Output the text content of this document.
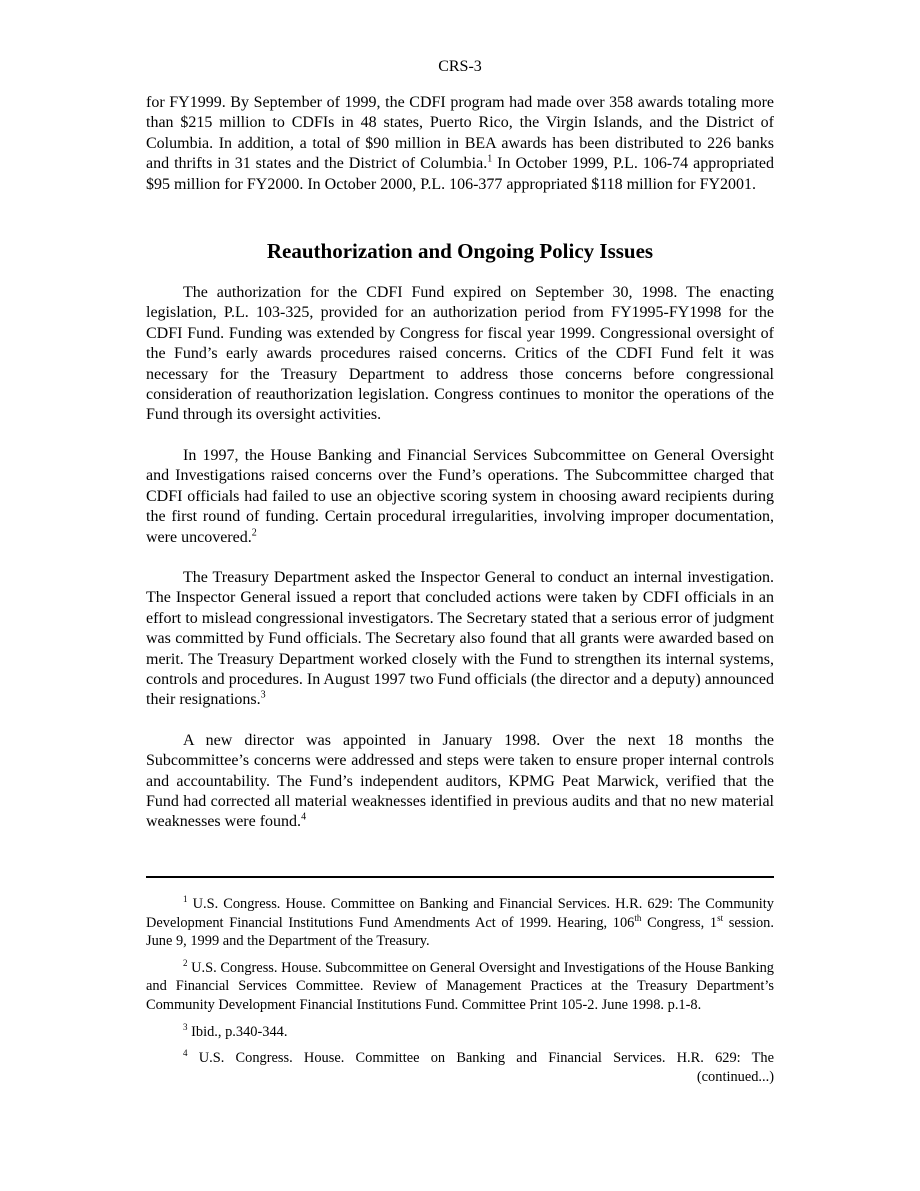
CRS-3

for FY1999. By September of 1999, the CDFI program had made over 358 awards totaling more than $215 million to CDFIs in 48 states, Puerto Rico, the Virgin Islands, and the District of Columbia. In addition, a total of $90 million in BEA awards has been distributed to 226 banks and thrifts in 31 states and the District of Columbia.$^1$ In October 1999, P.L. 106-74 appropriated $95 million for FY2000. In October 2000, P.L. 106-377 appropriated $118 million for FY2001.

Reauthorization and Ongoing Policy Issues

The authorization for the CDFI Fund expired on September 30, 1998. The enacting legislation, P.L. 103-325, provided for an authorization period from FY1995-FY1998 for the CDFI Fund. Funding was extended by Congress for fiscal year 1999. Congressional oversight of the Fund’s early awards procedures raised concerns. Critics of the CDFI Fund felt it was necessary for the Treasury Department to address those concerns before congressional consideration of reauthorization legislation. Congress continues to monitor the operations of the Fund through its oversight activities.

In 1997, the House Banking and Financial Services Subcommittee on General Oversight and Investigations raised concerns over the Fund’s operations. The Subcommittee charged that CDFI officials had failed to use an objective scoring system in choosing award recipients during the first round of funding. Certain procedural irregularities, involving improper documentation, were uncovered.$^2$

The Treasury Department asked the Inspector General to conduct an internal investigation. The Inspector General issued a report that concluded actions were taken by CDFI officials in an effort to mislead congressional investigators. The Secretary stated that a serious error of judgment was committed by Fund officials. The Secretary also found that all grants were awarded based on merit. The Treasury Department worked closely with the Fund to strengthen its internal systems, controls and procedures. In August 1997 two Fund officials (the director and a deputy) announced their resignations.$^3$

A new director was appointed in January 1998. Over the next 18 months the Subcommittee’s concerns were addressed and steps were taken to ensure proper internal controls and accountability. The Fund’s independent auditors, KPMG Peat Marwick, verified that the Fund had corrected all material weaknesses identified in previous audits and that no new material weaknesses were found.$^4$

$^1$ U.S. Congress. House. Committee on Banking and Financial Services. H.R. 629: The Community Development Financial Institutions Fund Amendments Act of 1999. Hearing, 106th Congress, 1st session. June 9, 1999 and the Department of the Treasury.

$^2$ U.S. Congress. House. Subcommittee on General Oversight and Investigations of the House Banking and Financial Services Committee. Review of Management Practices at the Treasury Department’s Community Development Financial Institutions Fund. Committee Print 105-2. June 1998. p.1-8.

$^3$ Ibid., p.340-344.

$^4$ U.S. Congress. House. Committee on Banking and Financial Services. H.R. 629: The

(continued...)
